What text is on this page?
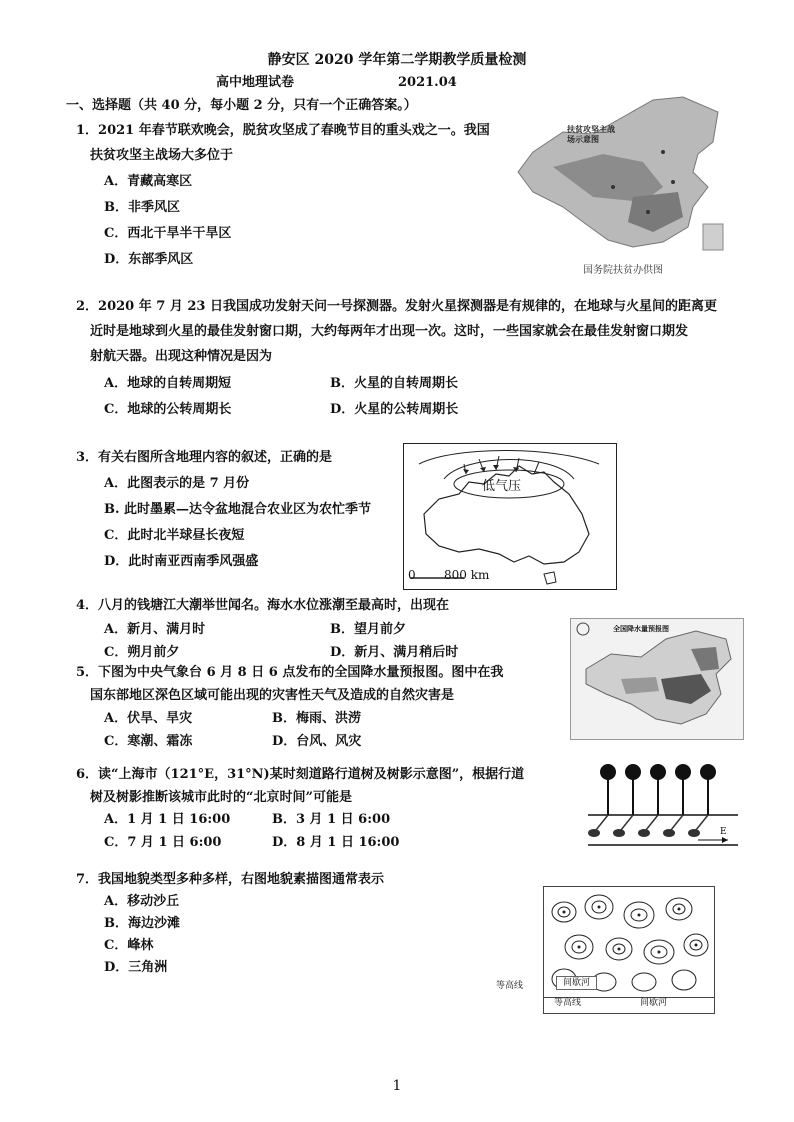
静安区 2020 学年第二学期教学质量检测
高中地理试卷	2021.04
一、选择题（共 40 分，每小题 2 分，只有一个正确答案。）
1．2021 年春节联欢晚会，脱贫攻坚成了春晚节目的重头戏之一。我国
扶贫攻坚主战场大多位于
A．青藏高寒区
B．非季风区
C．西北干旱半干旱区
D．东部季风区
扶贫攻坚主战场示意图
国务院扶贫办供图
2．2020 年 7 月 23 日我国成功发射天问一号探测器。发射火星探测器是有规律的，在地球与火星间的距离更
近时是地球到火星的最佳发射窗口期，大约每两年才出现一次。这时，一些国家就会在最佳发射窗口期发
射航天器。出现这种情况是因为
A．地球的自转周期短	B．火星的自转周期长
C．地球的公转周期长	D．火星的公转周期长
3．有关右图所含地理内容的叙述，正确的是
A．此图表示的是 7 月份
B. 此时墨累—达令盆地混合农业区为农忙季节
C．此时北半球昼长夜短
D．此时南亚西南季风强盛
低气压
0 800 km
4．八月的钱塘江大潮举世闻名。海水水位涨潮至最高时，出现在
A．新月、满月时	B．望月前夕
C．朔月前夕	D．新月、满月稍后时
5．下图为中央气象台 6 月 8 日 6 点发布的全国降水量预报图。图中在我
国东部地区深色区域可能出现的灾害性天气及造成的自然灾害是
A．伏旱、旱灾	B．梅雨、洪涝
C．寒潮、霜冻	D．台风、风灾
全国降水量预报图
6．读“上海市（121°E，31°N)某时刻道路行道树及树影示意图”，根据行道
树及树影推断该城市此时的“北京时间”可能是
A．1 月 1 日 16:00	B．3 月 1 日 6:00
C．7 月 1 日 6:00	D．8 月 1 日 16:00
E
7．我国地貌类型多种多样，右图地貌素描图通常表示
A．移动沙丘
B．海边沙滩
C．峰林
D．三角洲
等高线	间歇河
等高线	间歇河
1
